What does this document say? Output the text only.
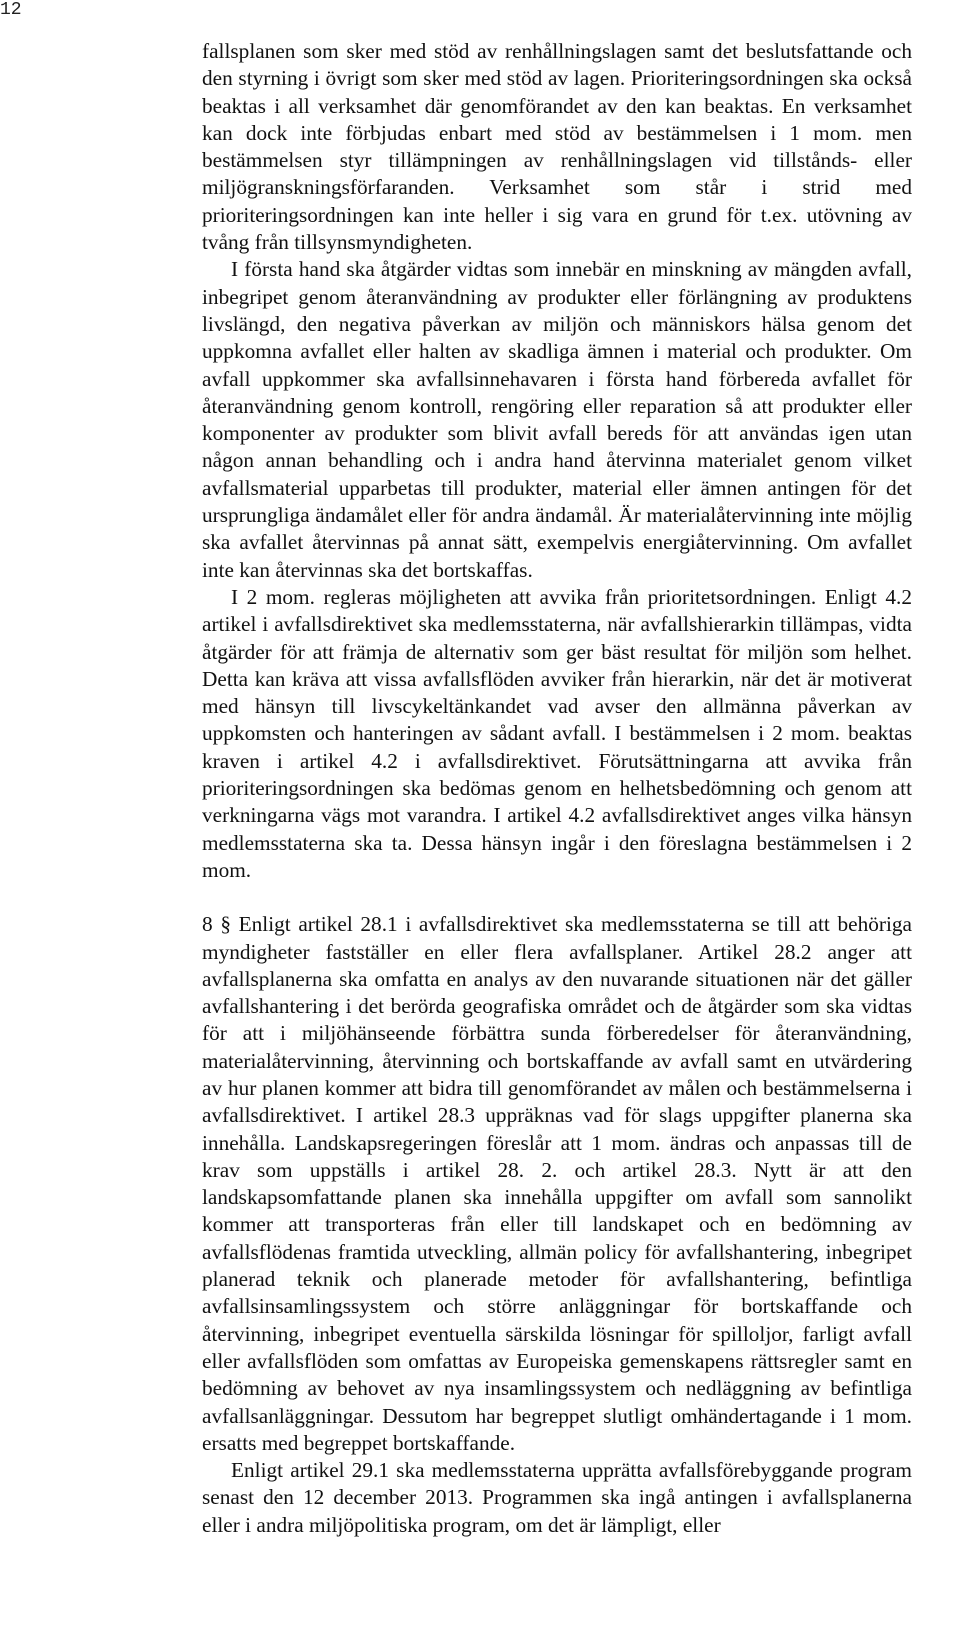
12

fallsplanen som sker med stöd av renhållningslagen samt det beslutsfattande och den styrning i övrigt som sker med stöd av lagen. Prioriteringsordningen ska också beaktas i all verksamhet där genomförandet av den kan beaktas. En verksamhet kan dock inte förbjudas enbart med stöd av bestämmelsen i 1 mom. men bestämmelsen styr tillämpningen av renhållningslagen vid tillstånds- eller miljögranskningsförfaranden. Verksamhet som står i strid med prioriteringsordningen kan inte heller i sig vara en grund för t.ex. utövning av tvång från tillsynsmyndigheten.

I första hand ska åtgärder vidtas som innebär en minskning av mängden avfall, inbegripet genom återanvändning av produkter eller förlängning av produktens livslängd, den negativa påverkan av miljön och människors hälsa genom det uppkomna avfallet eller halten av skadliga ämnen i material och produkter. Om avfall uppkommer ska avfallsinnehavaren i första hand förbereda avfallet för återanvändning genom kontroll, rengöring eller reparation så att produkter eller komponenter av produkter som blivit avfall bereds för att användas igen utan någon annan behandling och i andra hand återvinna materialet genom vilket avfallsmaterial upparbetas till produkter, material eller ämnen antingen för det ursprungliga ändamålet eller för andra ändamål. Är materialåtervinning inte möjlig ska avfallet återvinnas på annat sätt, exempelvis energiåtervinning. Om avfallet inte kan återvinnas ska det bortskaffas.

I 2 mom. regleras möjligheten att avvika från prioritetsordningen. Enligt 4.2 artikel i avfallsdirektivet ska medlemsstaterna, när avfallshierarkin tillämpas, vidta åtgärder för att främja de alternativ som ger bäst resultat för miljön som helhet. Detta kan kräva att vissa avfallsflöden avviker från hierarkin, när det är motiverat med hänsyn till livscykeltänkandet vad avser den allmänna påverkan av uppkomsten och hanteringen av sådant avfall. I bestämmelsen i 2 mom. beaktas kraven i artikel 4.2 i avfallsdirektivet. Förutsättningarna att avvika från prioriteringsordningen ska bedömas genom en helhetsbedömning och genom att verkningarna vägs mot varandra. I artikel 4.2 avfallsdirektivet anges vilka hänsyn medlemsstaterna ska ta. Dessa hänsyn ingår i den föreslagna bestämmelsen i 2 mom.

8 § Enligt artikel 28.1 i avfallsdirektivet ska medlemsstaterna se till att behöriga myndigheter fastställer en eller flera avfallsplaner. Artikel 28.2 anger att avfallsplanerna ska omfatta en analys av den nuvarande situationen när det gäller avfallshantering i det berörda geografiska området och de åtgärder som ska vidtas för att i miljöhänseende förbättra sunda förberedelser för återanvändning, materialåtervinning, återvinning och bortskaffande av avfall samt en utvärdering av hur planen kommer att bidra till genomförandet av målen och bestämmelserna i avfallsdirektivet. I artikel 28.3 uppräknas vad för slags uppgifter planerna ska innehålla. Landskapsregeringen föreslår att 1 mom. ändras och anpassas till de krav som uppställs i artikel 28. 2. och artikel 28.3. Nytt är att den landskapsomfattande planen ska innehålla uppgifter om avfall som sannolikt kommer att transporteras från eller till landskapet och en bedömning av avfallsflödenas framtida utveckling, allmän policy för avfallshantering, inbegripet planerad teknik och planerade metoder för avfallshantering, befintliga avfallsinsamlingssystem och större anläggningar för bortskaffande och återvinning, inbegripet eventuella särskilda lösningar för spilloljor, farligt avfall eller avfallsflöden som omfattas av Europeiska gemenskapens rättsregler samt en bedömning av behovet av nya insamlingssystem och nedläggning av befintliga avfallsanläggningar. Dessutom har begreppet slutligt omhändertagande i 1 mom. ersatts med begreppet bortskaffande.

Enligt artikel 29.1 ska medlemsstaterna upprätta avfallsförebyggande program senast den 12 december 2013. Programmen ska ingå antingen i avfallsplanerna eller i andra miljöpolitiska program, om det är lämpligt, eller
